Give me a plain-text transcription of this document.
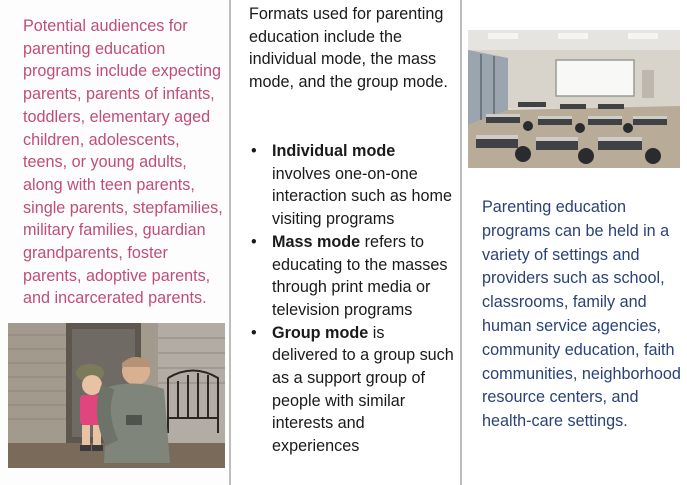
Potential audiences for parenting education programs include expecting parents, parents of infants, toddlers, elementary aged children, adolescents, teens, or young adults, along with teen parents, single parents, stepfamilies, military families, guardian grandparents, foster parents, adoptive parents, and incarcerated parents.

Formats used for parenting education include the individual mode, the mass mode, and the group mode.

• Individual mode involves one-on-one interaction such as home visiting programs
• Mass mode refers to educating to the masses through print media or television programs
• Group mode is delivered to a group such as a support group of people with similar interests and experiences

Parenting education programs can be held in a variety of settings and providers such as school, classrooms, family and human service agencies, community education, faith communities, neighborhood resource centers, and health-care settings.
